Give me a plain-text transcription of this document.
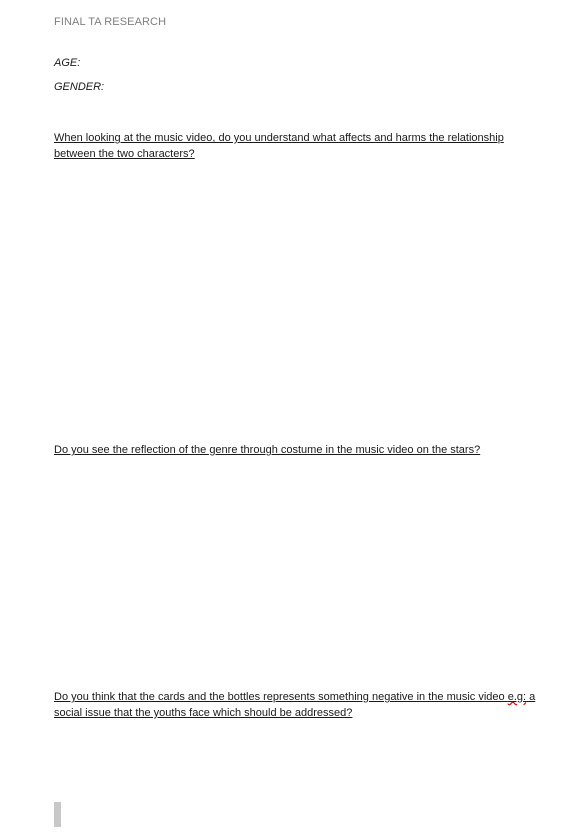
FINAL TA RESEARCH
AGE:
GENDER:
When looking at the music video, do you understand what affects and harms the relationship between the two characters?
Do you see the reflection of the genre through costume in the music video on the stars?
Do you think that the cards and the bottles represents something negative in the music video e.g: a social issue that the youths face which should be addressed?
